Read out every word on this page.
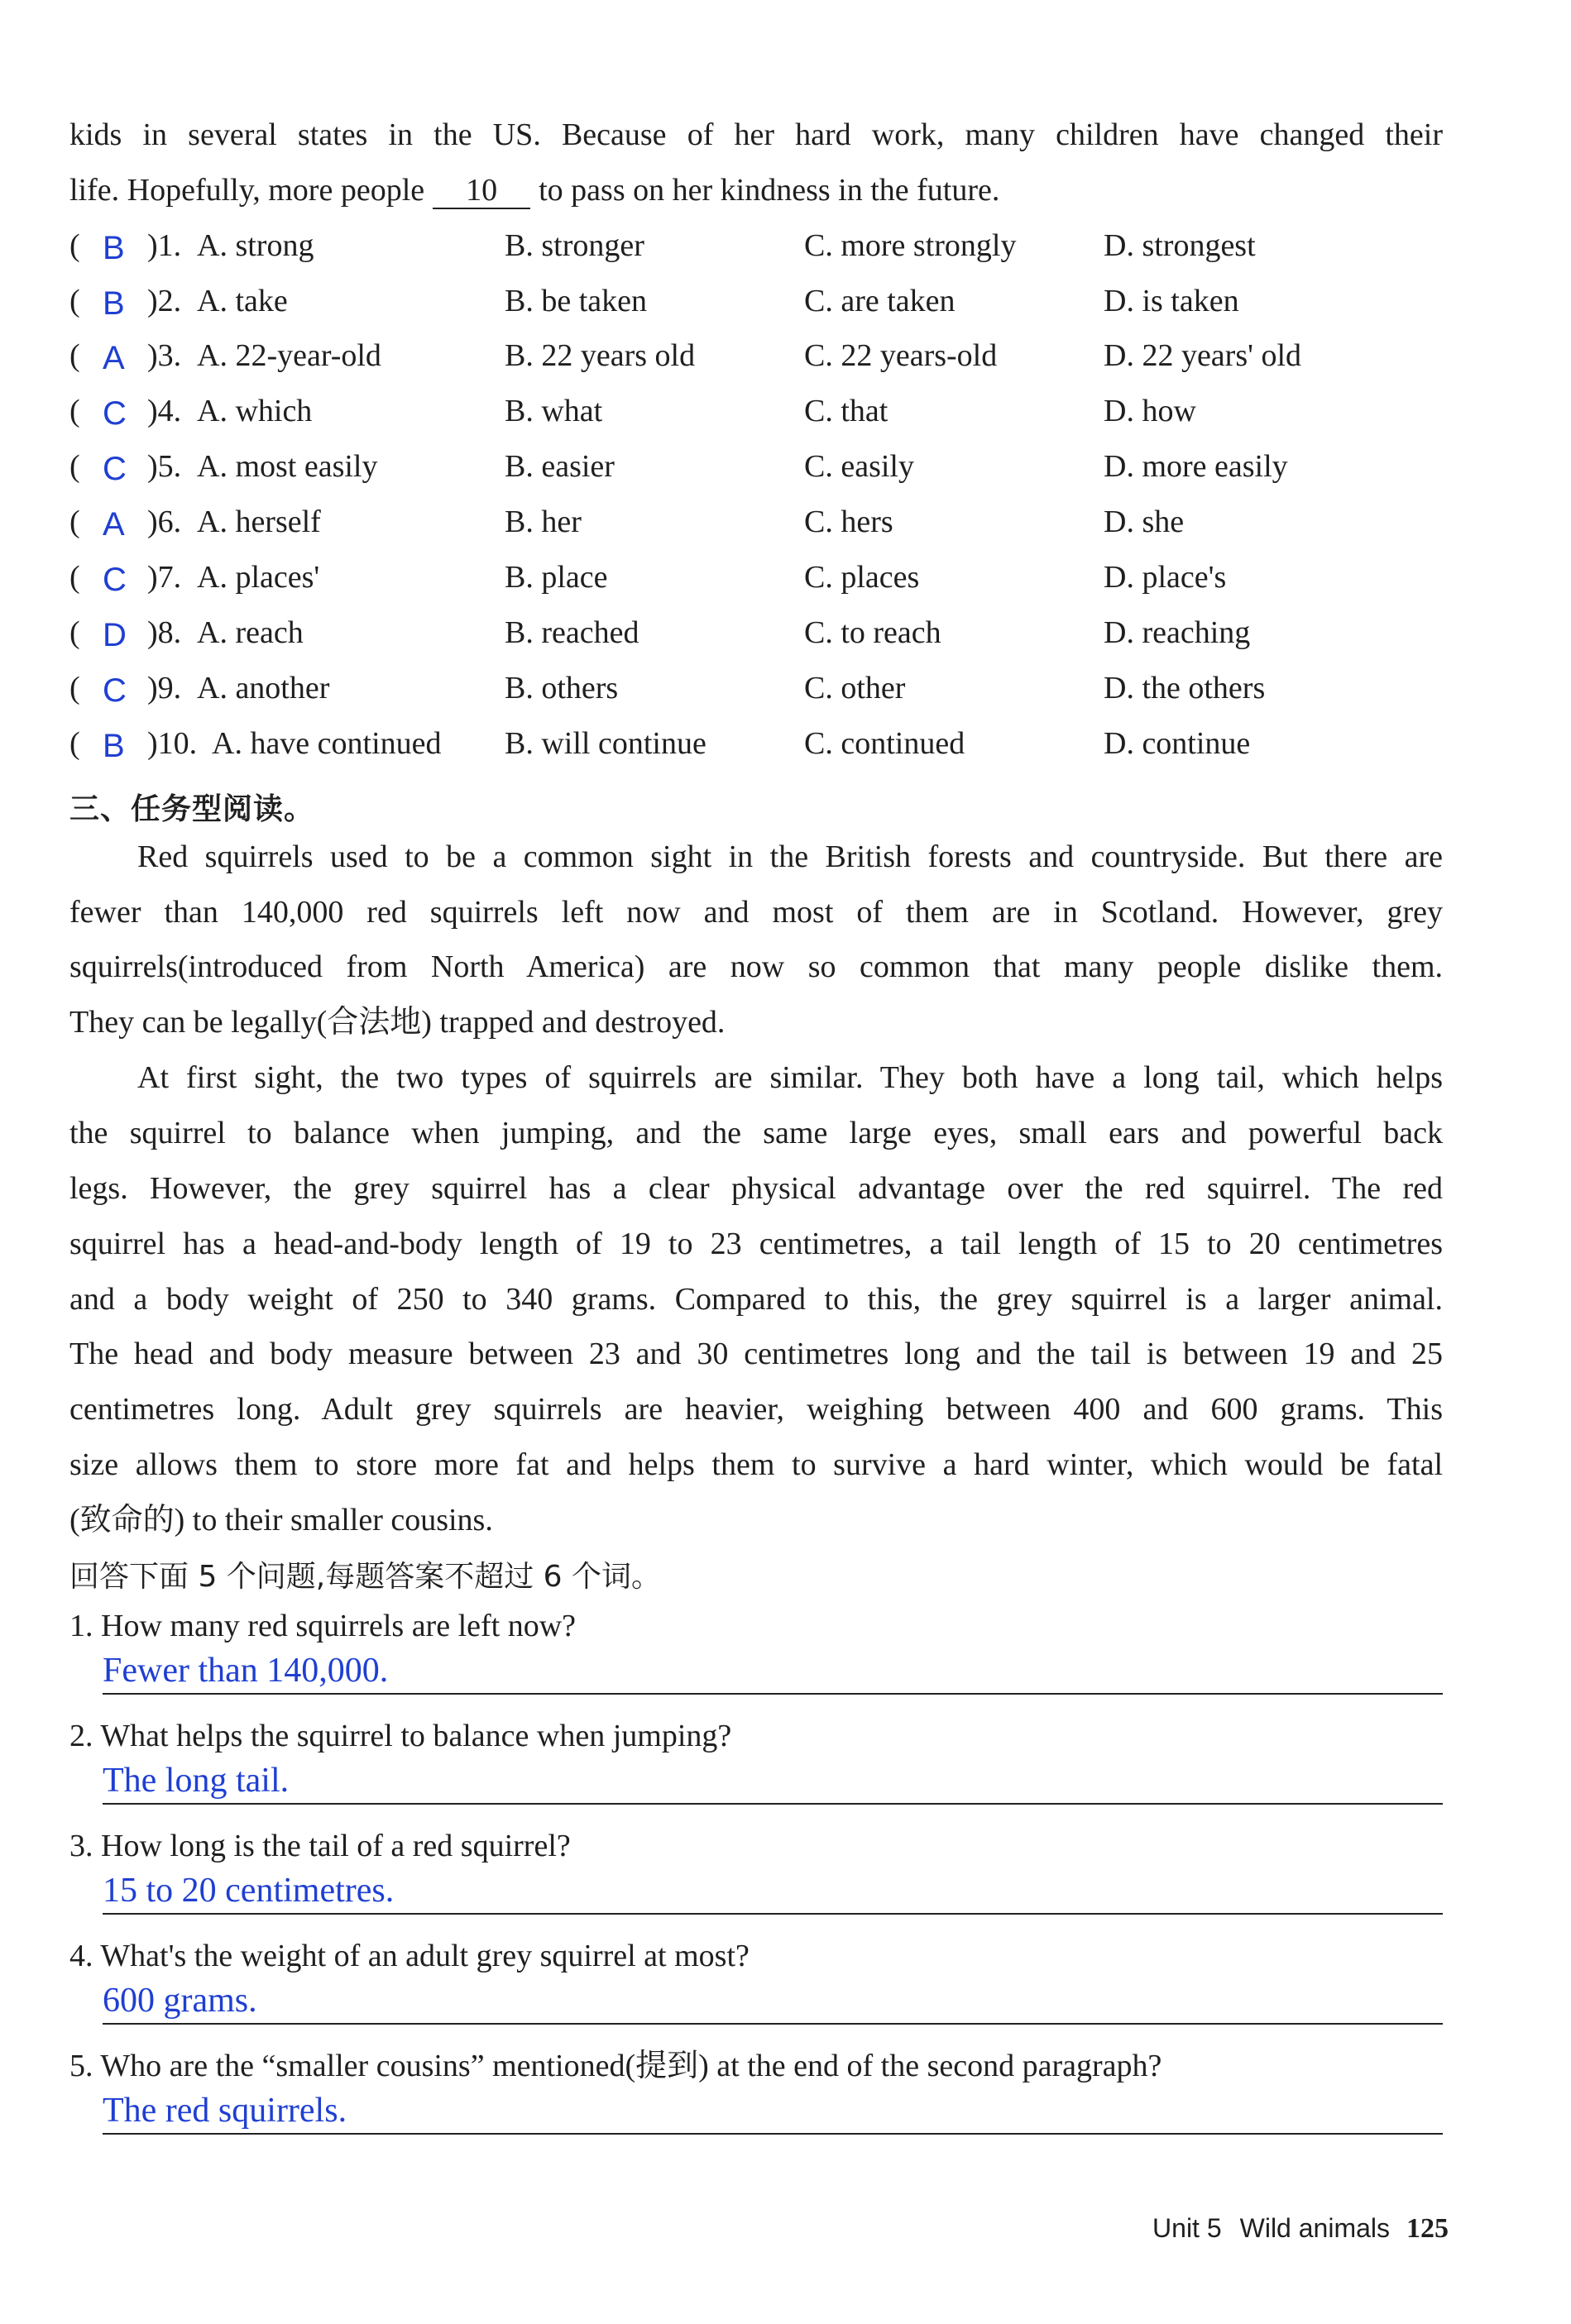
kids in several states in the US. Because of her hard work, many children have changed their
life. Hopefully, more people 10 to pass on her kindness in the future.
( B )1. A. strong	B. stronger	C. more strongly	D. strongest
( B )2. A. take	B. be taken	C. are taken	D. is taken
( A )3. A. 22-year-old	B. 22 years old	C. 22 years-old	D. 22 years' old
( C )4. A. which	B. what	C. that	D. how
( C )5. A. most easily	B. easier	C. easily	D. more easily
( A )6. A. herself	B. her	C. hers	D. she
( C )7. A. places'	B. place	C. places	D. place's
( D )8. A. reach	B. reached	C. to reach	D. reaching
( C )9. A. another	B. others	C. other	D. the others
( B )10. A. have continued B. will continue	C. continued	D. continue
三、任务型阅读。
Red squirrels used to be a common sight in the British forests and countryside. But there are
fewer than 140,000 red squirrels left now and most of them are in Scotland. However, grey
squirrels(introduced from North America) are now so common that many people dislike them.
They can be legally(合法地) trapped and destroyed.
At first sight, the two types of squirrels are similar. They both have a long tail, which helps
the squirrel to balance when jumping, and the same large eyes, small ears and powerful back
legs. However, the grey squirrel has a clear physical advantage over the red squirrel. The red
squirrel has a head-and-body length of 19 to 23 centimetres, a tail length of 15 to 20 centimetres
and a body weight of 250 to 340 grams. Compared to this, the grey squirrel is a larger animal.
The head and body measure between 23 and 30 centimetres long and the tail is between 19 and 25
centimetres long. Adult grey squirrels are heavier, weighing between 400 and 600 grams. This
size allows them to store more fat and helps them to survive a hard winter, which would be fatal
(致命的) to their smaller cousins.
回答下面 5 个问题,每题答案不超过 6 个词。
1. How many red squirrels are left now?
Fewer than 140,000.
2. What helps the squirrel to balance when jumping?
The long tail.
3. How long is the tail of a red squirrel?
15 to 20 centimetres.
4. What's the weight of an adult grey squirrel at most?
600 grams.
5. Who are the “smaller cousins” mentioned(提到) at the end of the second paragraph?
The red squirrels.
Unit 5 Wild animals 125
